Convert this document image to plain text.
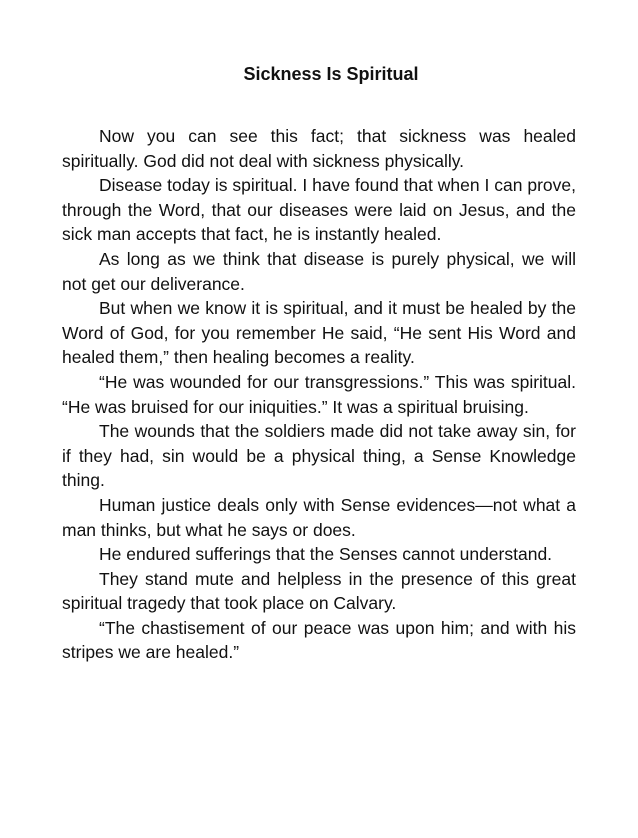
Sickness Is Spiritual

Now you can see this fact; that sickness was healed spiritually. God did not deal with sickness physically.

Disease today is spiritual. I have found that when I can prove, through the Word, that our diseases were laid on Jesus, and the sick man accepts that fact, he is instantly healed.

As long as we think that disease is purely physical, we will not get our deliverance.

But when we know it is spiritual, and it must be healed by the Word of God, for you remember He said, “He sent His Word and healed them,” then healing becomes a reality.

“He was wounded for our transgressions.” This was spiritual. “He was bruised for our iniquities.” It was a spiritual bruising.

The wounds that the soldiers made did not take away sin, for if they had, sin would be a physical thing, a Sense Knowledge thing.

Human justice deals only with Sense evidences—not what a man thinks, but what he says or does.

He endured sufferings that the Senses cannot understand.

They stand mute and helpless in the presence of this great spiritual tragedy that took place on Calvary.

“The chastisement of our peace was upon him; and with his stripes we are healed.”
